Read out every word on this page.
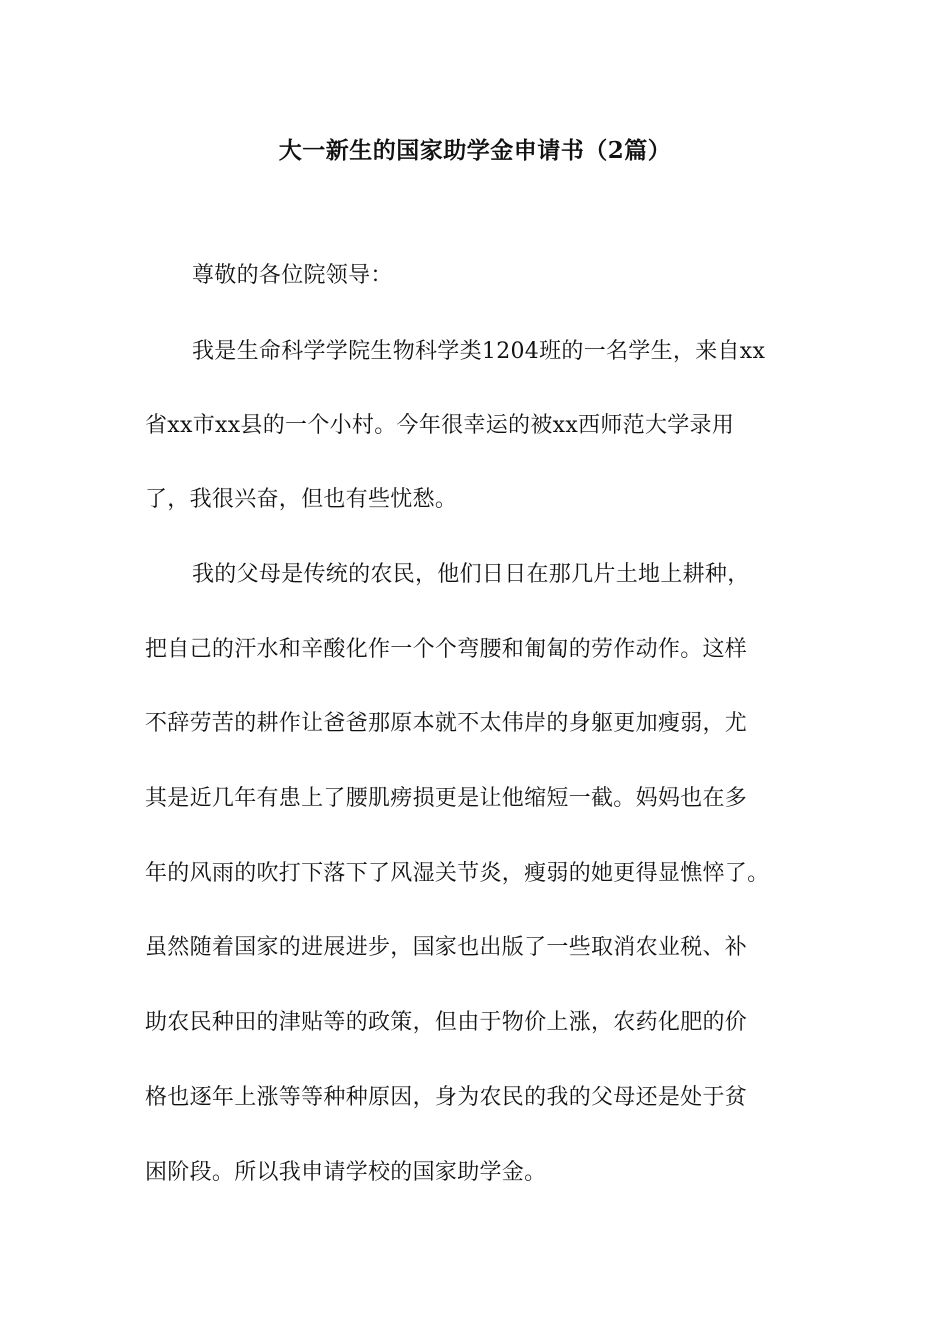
大一新生的国家助学金申请书（2篇）
尊敬的各位院领导：
我是生命科学学院生物科学类1204班的一名学生，来自xx
省xx市xx县的一个小村。今年很幸运的被xx西师范大学录用
了，我很兴奋，但也有些忧愁。
我的父母是传统的农民，他们日日在那几片土地上耕种，
把自己的汗水和辛酸化作一个个弯腰和匍匐的劳作动作。这样
不辞劳苦的耕作让爸爸那原本就不太伟岸的身躯更加瘦弱，尤
其是近几年有患上了腰肌痨损更是让他缩短一截。妈妈也在多
年的风雨的吹打下落下了风湿关节炎，瘦弱的她更得显憔悴了。
虽然随着国家的进展进步，国家也出版了一些取消农业税、补
助农民种田的津贴等的政策，但由于物价上涨，农药化肥的价
格也逐年上涨等等种种原因，身为农民的我的父母还是处于贫
困阶段。所以我申请学校的国家助学金。
